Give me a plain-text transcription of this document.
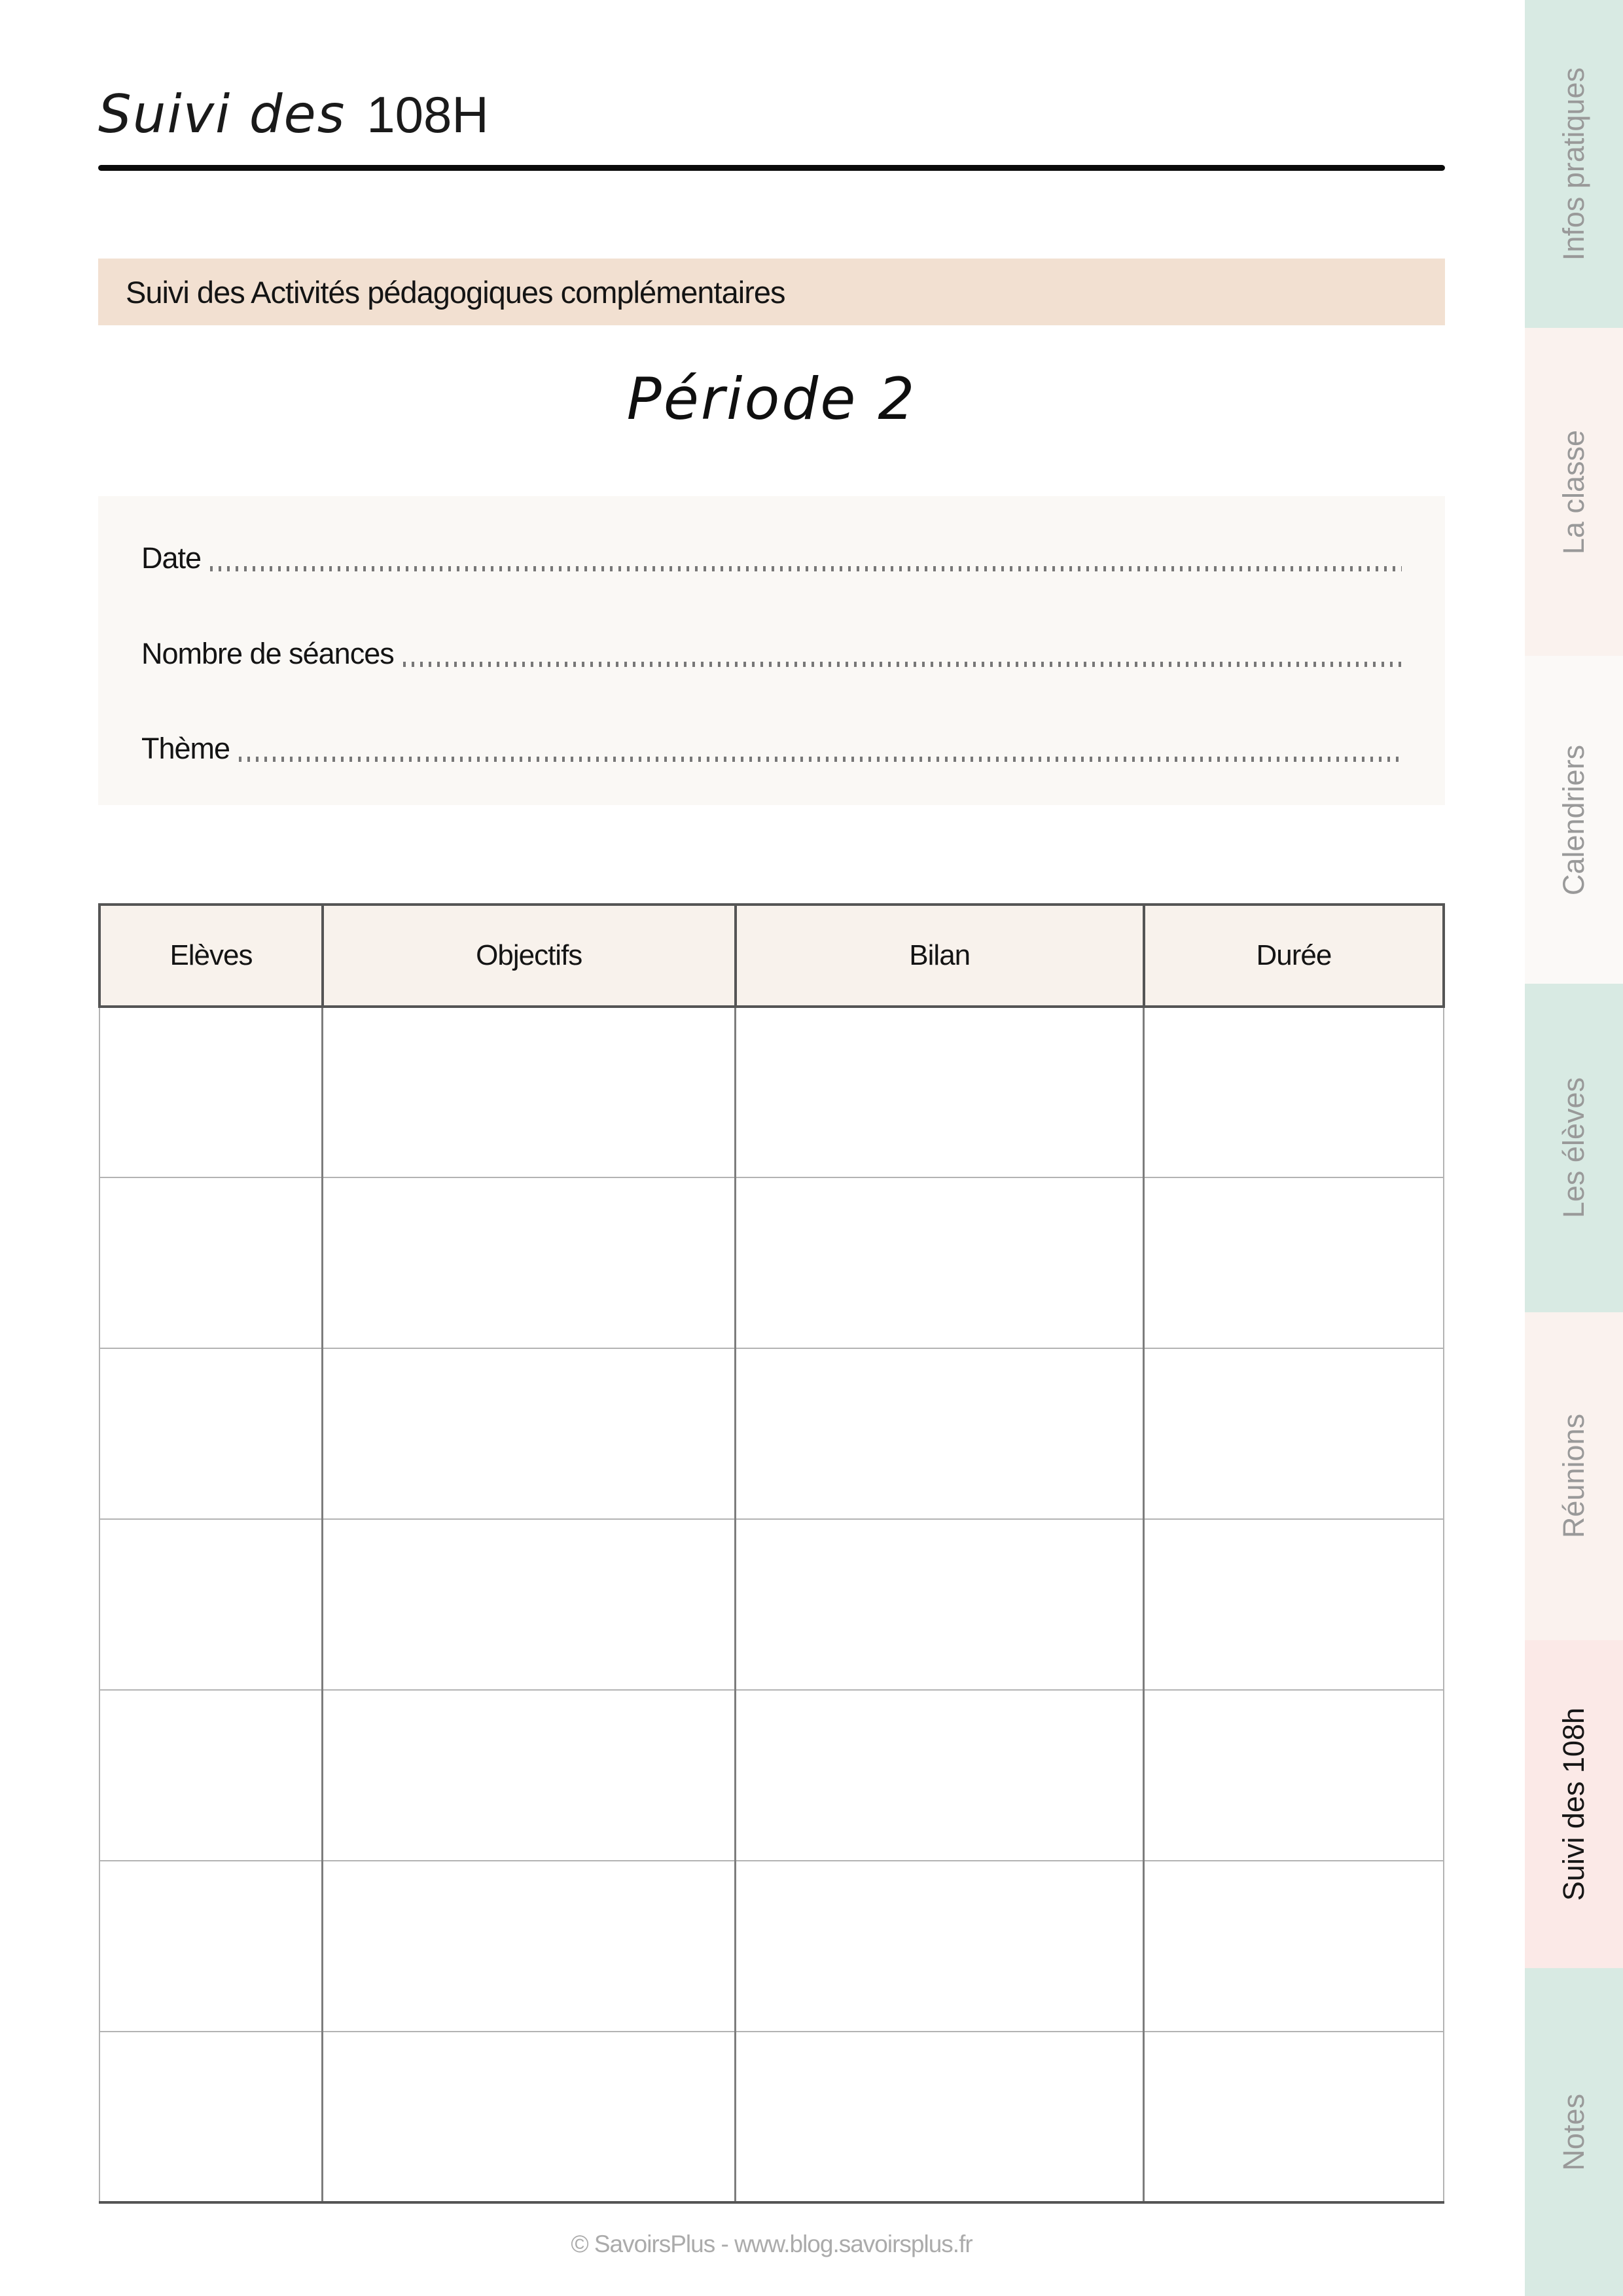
Suivi des 108H
Suivi des Activités pédagogiques complémentaires
Période 2
Date
Nombre de séances
Thème
Elèves	Objectifs	Bilan	Durée

© SavoirsPlus - www.blog.savoirsplus.fr
Infos pratiques
La classe
Calendriers
Les élèves
Réunions
Suivi des 108h
Notes
